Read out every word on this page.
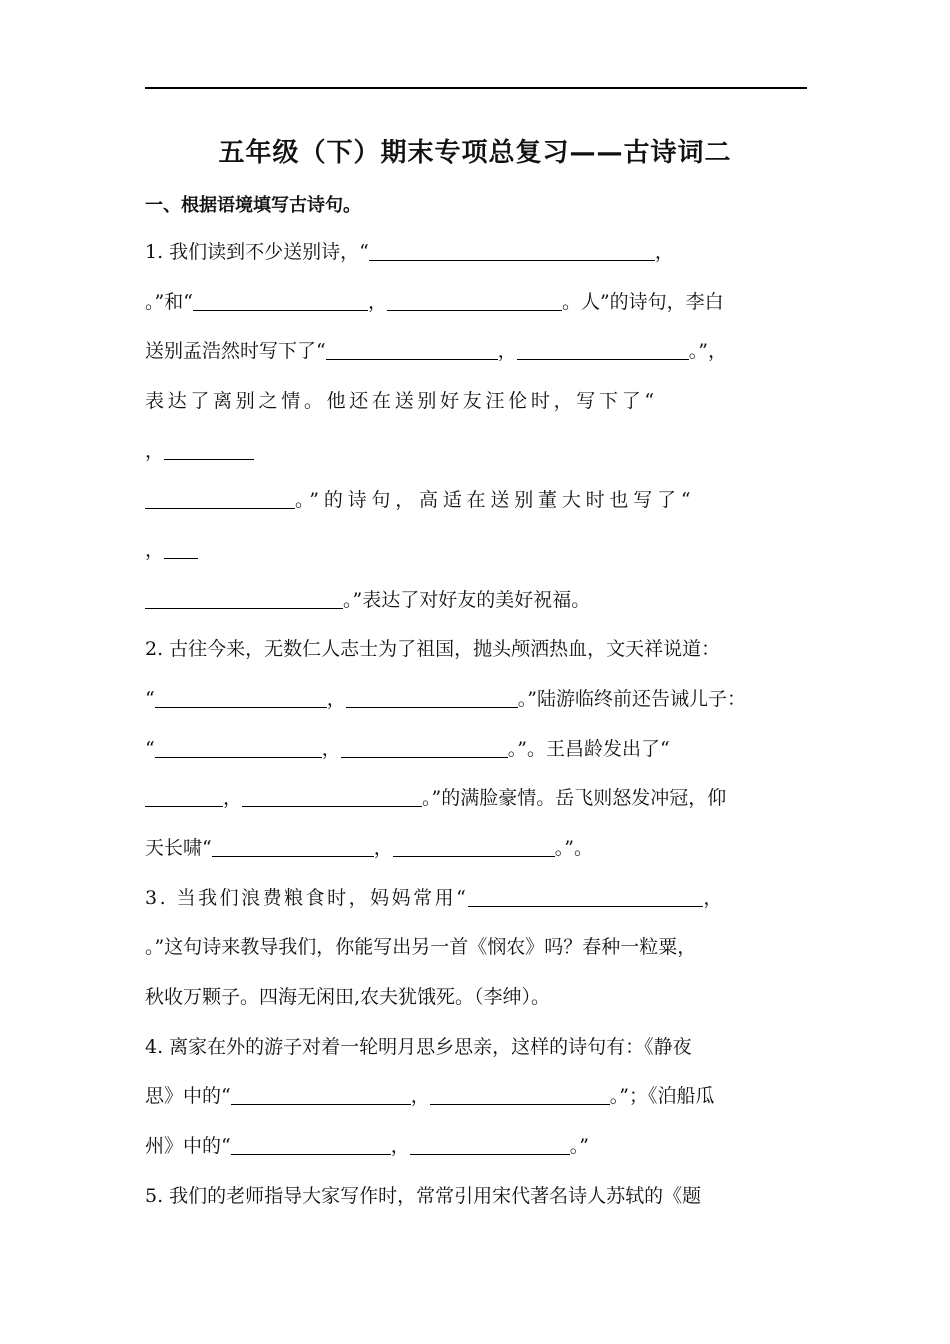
五年级（下）期末专项总复习——古诗词二
一、根据语境填写古诗句。
1. 我们读到不少送别诗，“	，
。”和“	，	。人”的诗句，李白
送别孟浩然时写下了“	，	。”，
表达了离别之情。他还在送别好友汪伦时，写下了“
，
。”的诗句，高适在送别董大时也写了“
，
。”表达了对好友的美好祝福。
2. 古往今来，无数仁人志士为了祖国，抛头颅洒热血，文天祥说道：
“	，	。”陆游临终前还告诫儿子：
“	，	。”。王昌龄发出了“
，	。”的满脸豪情。岳飞则怒发冲冠，仰
天长啸“	，	。”。
3. 当我们浪费粮食时，妈妈常用“	，
。”这句诗来教导我们，你能写出另一首《悯农》吗？春种一粒粟，
秋收万颗子。四海无闲田,农夫犹饿死。（李绅）。
4. 离家在外的游子对着一轮明月思乡思亲，这样的诗句有：《静夜
思》中的“	，	。”；《泊船瓜
州》中的“	，	。”
5. 我们的老师指导大家写作时，常常引用宋代著名诗人苏轼的《题
